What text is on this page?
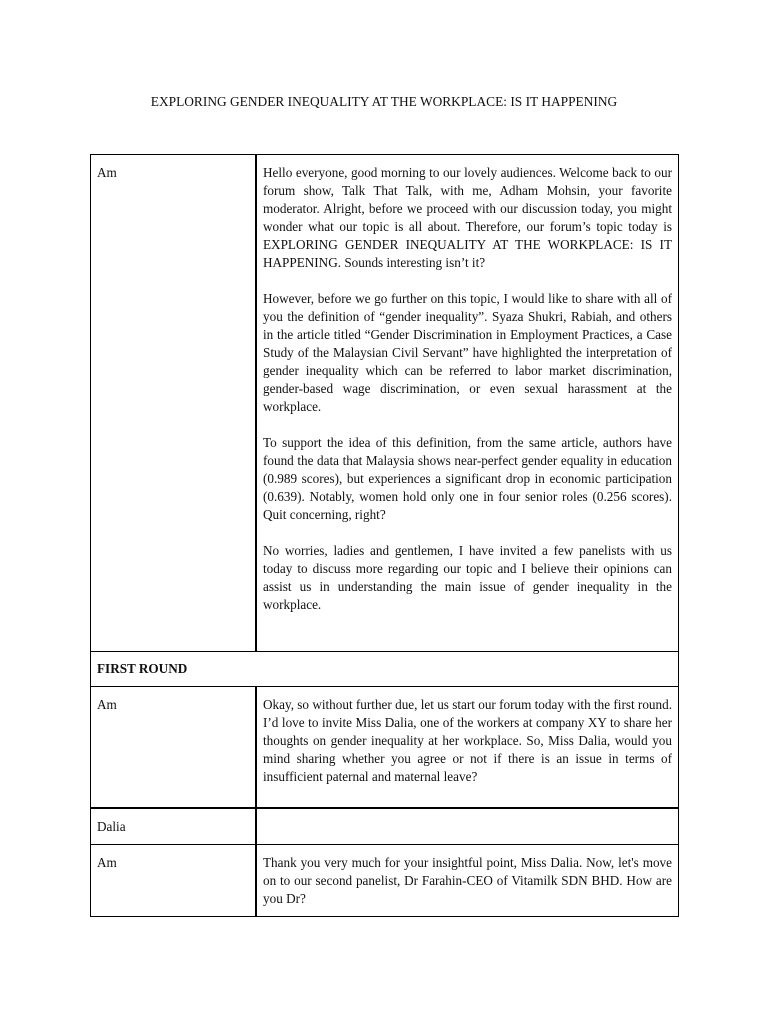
EXPLORING GENDER INEQUALITY AT THE WORKPLACE: IS IT HAPPENING
Am	Hello everyone, good morning to our lovely audiences. Welcome back to our forum show, Talk That Talk, with me, Adham Mohsin, your favorite moderator. Alright, before we proceed with our discussion today, you might wonder what our topic is all about. Therefore, our forum’s topic today is EXPLORING GENDER INEQUALITY AT THE WORKPLACE: IS IT HAPPENING. Sounds interesting isn’t it?

However, before we go further on this topic, I would like to share with all of you the definition of “gender inequality”. Syaza Shukri, Rabiah, and others in the article titled “Gender Discrimination in Employment Practices, a Case Study of the Malaysian Civil Servant” have highlighted the interpretation of gender inequality which can be referred to labor market discrimination, gender-based wage discrimination, or even sexual harassment at the workplace.

To support the idea of this definition, from the same article, authors have found the data that Malaysia shows near-perfect gender equality in education (0.989 scores), but experiences a significant drop in economic participation (0.639). Notably, women hold only one in four senior roles (0.256 scores). Quit concerning, right?

No worries, ladies and gentlemen, I have invited a few panelists with us today to discuss more regarding our topic and I believe their opinions can assist us in understanding the main issue of gender inequality in the workplace.

FIRST ROUND	
Am	Okay, so without further due, let us start our forum today with the first round. I’d love to invite Miss Dalia, one of the workers at company XY to share her thoughts on gender inequality at her workplace. So, Miss Dalia, would you mind sharing whether you agree or not if there is an issue in terms of insufficient paternal and maternal leave?

Dalia	

Am	Thank you very much for your insightful point, Miss Dalia. Now, let's move on to our second panelist, Dr Farahin-CEO of Vitamilk SDN BHD. How are you Dr?
